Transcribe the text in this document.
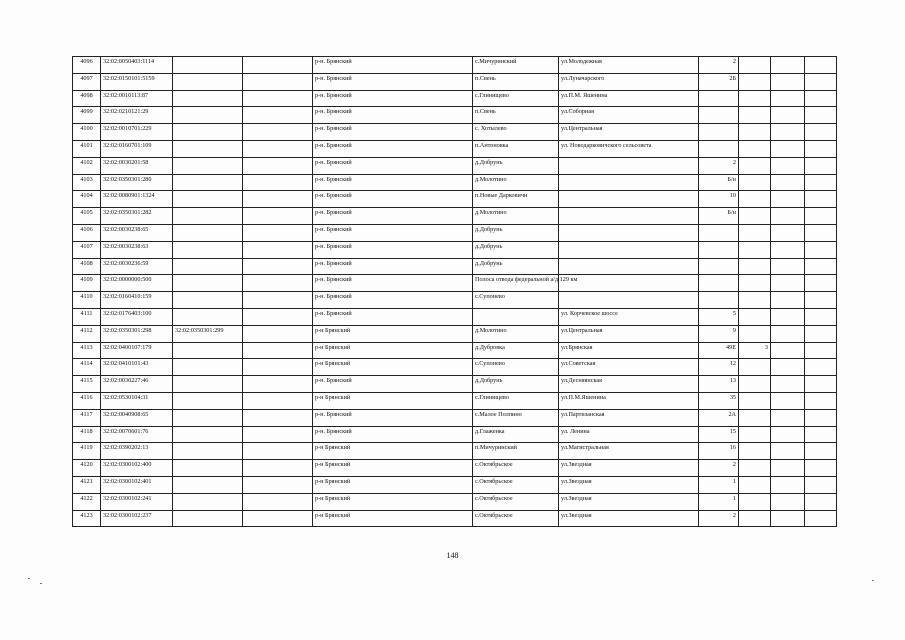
4096	32:02:0050403:1114			р-н. Брянский	с.Мичуринский	ул.Молодежная	2			
4097	32:02:0150101:5159			р-н. Брянский	п.Свень	ул.Луначарского	2Б			
4098	32:02:0010113:87			р-н. Брянский	с.Глинищево	ул.П.М. Яшенина				
4099	32:02:0210121:29			р-н. Брянский	п.Свень	ул.Соборная				
4100	32:02:0010701:229			р-н. Брянский	с. Хотылево	ул.Центральная				
4101	32:02:0160701:109			р-н. Брянский	п.Антоновка	ул. Новодарковичского сельсовета				
4102	32:02:0030201:58			р-н. Брянский	д.Добрунь		2			
4103	32:02:0350301:280			р-н. Брянский	д.Молотино		Б/н			
4104	32:02:0080901:1324			р-н. Брянский	п.Новые Дарковичи		10			
4105	32:02:0350301:282			р-н. Брянский	д.Молотино		Б/н			
4106	32:02:0030238:65			р-н. Брянский	д.Добрунь					
4107	32:02:0030238:63			р-н. Брянский	д.Добрунь					
4108	32:02:0030236:59			р-н. Брянский	д.Добрунь					
4109	32:02:0000000:500			р-н. Брянский	Полоса отвода федеральной а/д 129 км					
4110	32:02:0160410:159			р-н. Брянский	с.Супонево					
4111	32:02:0176403:100			р-н. Брянский		ул. Корчевское шоссе	5			
4112	32:02:0350301:298	32:02:0350301:299		р-н Брянский	д.Молотино	ул.Центральная	9			
4113	32:02:0400107:179			р-н Брянский	д.Дубровка	ул.Брянская	49Е	3		
4114	32:02:0410101:43			р-н Брянский	с.Супонево	ул.Советская	12			
4115	32:02:0030227:46			р-н. Брянский	д.Добрунь	ул.Десняянская	13			
4116	32:02:0530104:31			р-н Брянский	с.Глинищево	ул.П.М.Яшенина	35			
4117	32:02:0040908:65			р-н. Брянский	с.Малое Полпино	ул.Партизанская	2А			
4118	32:02:0070601:76			р-н. Брянский	д.Глаженка	ул. Ленина	15			
4119	32:02:0390202:13			р-н Брянский	п.Мичуринский	ул.Магистральная	16			
4120	32:02:0300102:400			р-н Брянский	с.Октябрьское	ул.Звездная	2			
4121	32:02:0300102:401			р-н Брянский	с.Октябрьское	ул.Звездная	1			
4122	32:02:0300102:241			р-н Брянский	с.Октябрьское	ул.Звездная	1			
4123	32:02:0300102:237			р-н Брянский	с.Октябрьское	ул.Звездная	2			
148
